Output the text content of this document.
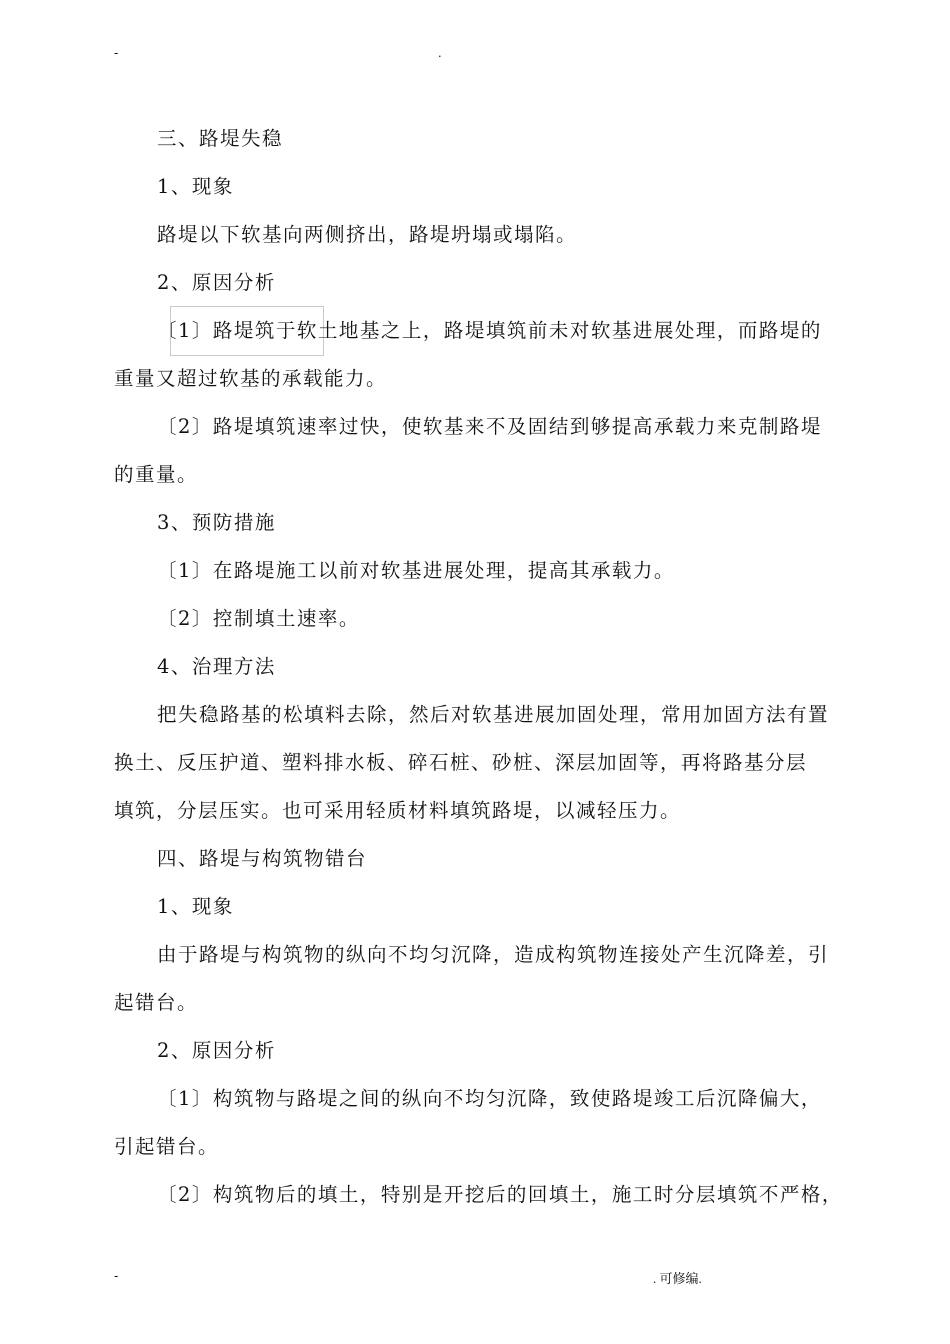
-	.
三、路堤失稳
1、现象
路堤以下软基向两侧挤出，路堤坍塌或塌陷。
2、原因分析
〔1〕路堤筑于软土地基之上，路堤填筑前未对软基进展处理，而路堤的
重量又超过软基的承载能力。
〔2〕路堤填筑速率过快，使软基来不及固结到够提高承载力来克制路堤
的重量。
3、预防措施
〔1〕在路堤施工以前对软基进展处理，提高其承载力。
〔2〕控制填土速率。
4、治理方法
把失稳路基的松填料去除，然后对软基进展加固处理，常用加固方法有置
换土、反压护道、塑料排水板、碎石桩、砂桩、深层加固等，再将路基分层
填筑，分层压实。也可采用轻质材料填筑路堤，以减轻压力。
四、路堤与构筑物错台
1、现象
由于路堤与构筑物的纵向不均匀沉降，造成构筑物连接处产生沉降差，引
起错台。
2、原因分析
〔1〕构筑物与路堤之间的纵向不均匀沉降，致使路堤竣工后沉降偏大，
引起错台。
〔2〕构筑物后的填土，特别是开挖后的回填土，施工时分层填筑不严格，
-	. 可修编.
